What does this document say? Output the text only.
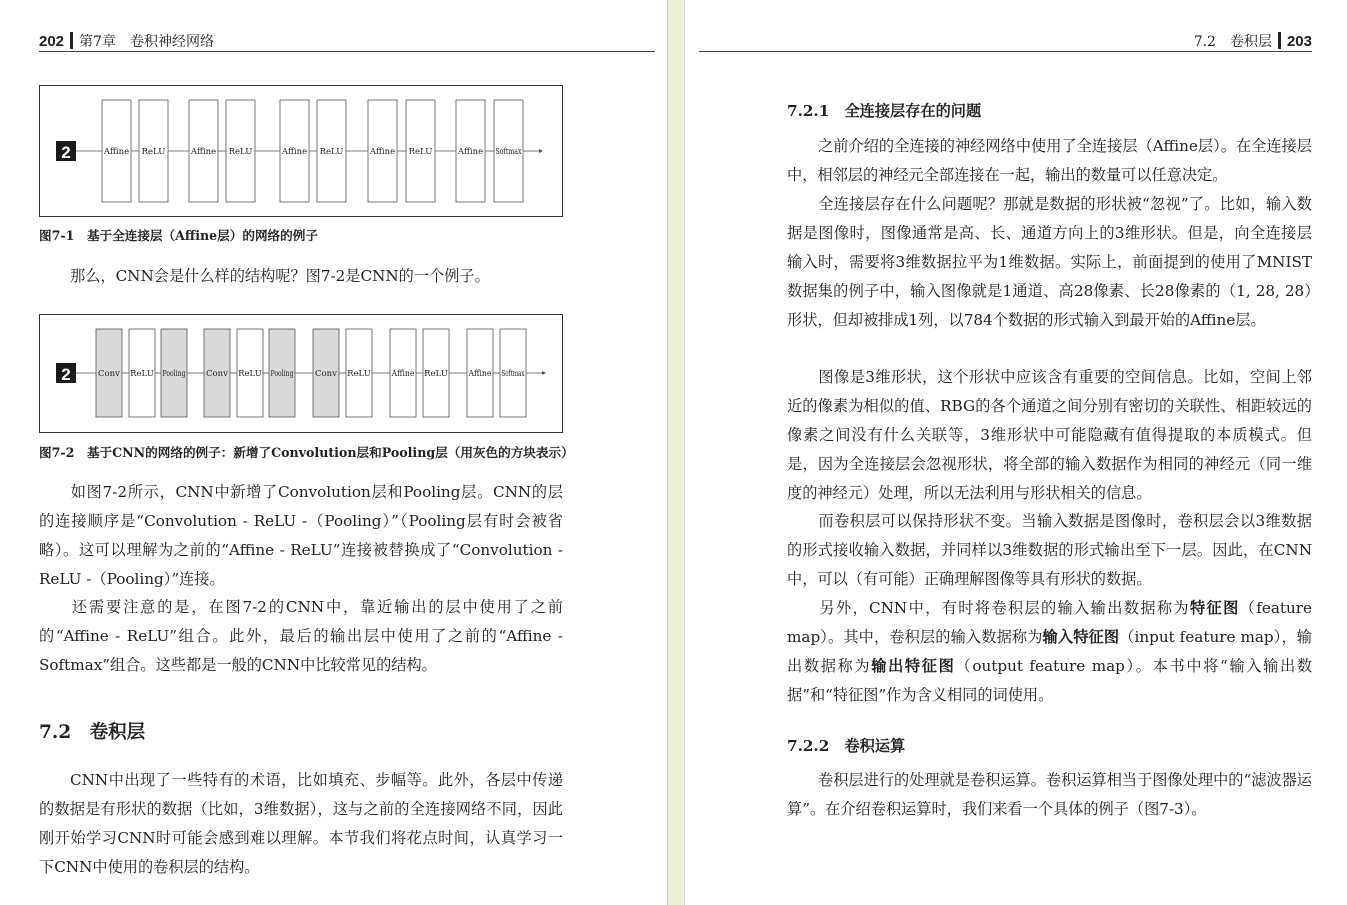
202 第7章　卷积神经网络
2	Affine ReLU	Affine ReLU	Affine ReLU	Affine ReLU	Affine Softmax
图7-1　基于全连接层（Affine层）的网络的例子

那么，CNN会是什么样的结构呢？图7-2是CNN的一个例子。

2	Conv ReLU Pooling Conv ReLU Pooling Conv ReLU Affine ReLU Affine Softmax
图7-2　基于CNN的网络的例子：新增了Convolution层和Pooling层（用灰色的方块表示）

如图7-2所示，CNN中新增了Convolution层和Pooling层。CNN的层的连接顺序是“Convolution - ReLU -（Pooling）”（Pooling层有时会被省略）。这可以理解为之前的“Affine - ReLU”连接被替换成了“Convolution - ReLU -（Pooling）”连接。

还需要注意的是，在图7-2的CNN中，靠近输出的层中使用了之前的“Affine - ReLU”组合。此外，最后的输出层中使用了之前的“Affine - Softmax”组合。这些都是一般的CNN中比较常见的结构。

7.2　卷积层

CNN中出现了一些特有的术语，比如填充、步幅等。此外，各层中传递的数据是有形状的数据（比如，3维数据），这与之前的全连接网络不同，因此刚开始学习CNN时可能会感到难以理解。本节我们将花点时间，认真学习一下CNN中使用的卷积层的结构。

7.2　卷积层 203
7.2.1　全连接层存在的问题

之前介绍的全连接的神经网络中使用了全连接层（Affine层）。在全连接层中，相邻层的神经元全部连接在一起，输出的数量可以任意决定。

全连接层存在什么问题呢？那就是数据的形状被“忽视”了。比如，输入数据是图像时，图像通常是高、长、通道方向上的3维形状。但是，向全连接层输入时，需要将3维数据拉平为1维数据。实际上，前面提到的使用了MNIST数据集的例子中，输入图像就是1通道、高28像素、长28像素的（1, 28, 28）形状，但却被排成1列，以784个数据的形式输入到最开始的Affine层。

图像是3维形状，这个形状中应该含有重要的空间信息。比如，空间上邻近的像素为相似的值、RBG的各个通道之间分别有密切的关联性、相距较远的像素之间没有什么关联等，3维形状中可能隐藏有值得提取的本质模式。但是，因为全连接层会忽视形状，将全部的输入数据作为相同的神经元（同一维度的神经元）处理，所以无法利用与形状相关的信息。

而卷积层可以保持形状不变。当输入数据是图像时，卷积层会以3维数据的形式接收输入数据，并同样以3维数据的形式输出至下一层。因此，在CNN中，可以（有可能）正确理解图像等具有形状的数据。

另外，CNN中，有时将卷积层的输入输出数据称为特征图（feature map）。其中，卷积层的输入数据称为输入特征图（input feature map），输出数据称为输出特征图（output feature map）。本书中将“输入输出数据”和“特征图”作为含义相同的词使用。

7.2.2　卷积运算

卷积层进行的处理就是卷积运算。卷积运算相当于图像处理中的“滤波器运算”。在介绍卷积运算时，我们来看一个具体的例子（图7-3）。
